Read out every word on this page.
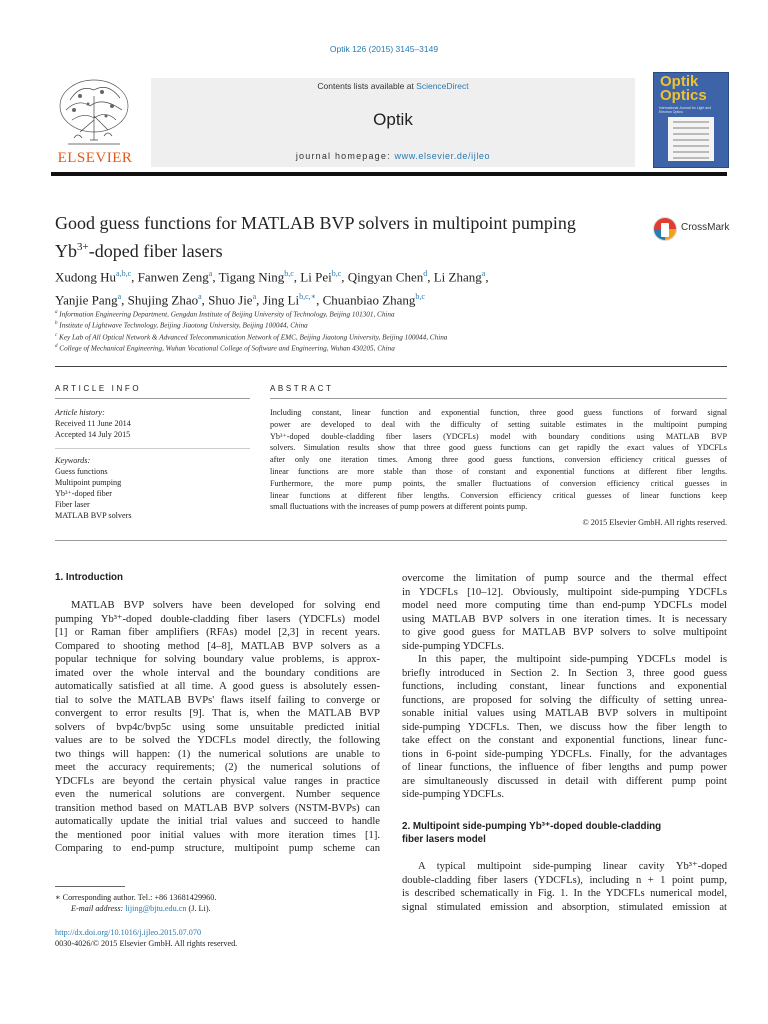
Optik 126 (2015) 3145–3149
ELSEVIER
Contents lists available at ScienceDirect
Optik
journal homepage: www.elsevier.de/ijleo
Optik
Optics
International Journal for Light and Electron Optics
Good guess functions for MATLAB BVP solvers in multipoint pumping
$Yb^{3+}$-doped fiber lasers
CrossMark
Xudong Hu$^{a,b,c}$, Fanwen Zeng$^a$, Tigang Ning$^{b,c}$, Li Pei$^{b,c}$, Qingyan Chen$^d$, Li Zhang$^a$,
Yanjie Pang$^a$, Shujing Zhao$^a$, Shuo Jie$^a$, Jing $Li^{b,c,∗}$, Chuanbiao Zhang$^{b,c}$
$^a$ Information Engineering Department, Gengdan Institute of Beijing University of Technology, Beijing 101301, China
$^b$ Institute of Lightwave Technology, Beijing Jiaotong University, Beijing 100044, China
$^c$ Key Lab of All Optical Network & Advanced Telecommunication Network of EMC, Beijing Jiaotong University, Beijing 100044, China
$^d$ College of Mechanical Engineering, Wuhan Vocational College of Software and Engineering, Wuhan 430205, China
ARTICLE INFO
Article history:
Received 11 June 2014
Accepted 14 July 2015
Keywords:
Guess functions
Multipoint pumping
Yb³⁺-doped fiber
Fiber laser
MATLAB BVP solvers
ABSTRACT
Including constant, linear function and exponential function, three good guess functions of forward signal
power are developed to deal with the difficulty of setting suitable estimates in the multipoint pumping
Yb³⁺-doped double-cladding fiber lasers (YDCFLs) model with boundary conditions using MATLAB BVP
solvers. Simulation results show that three good guess functions can get rapidly the exact values of YDCFLs
after only one iteration times. Among three good guess functions, conversion efficiency critical guesses of
linear functions are more stable than those of constant and exponential functions at different fiber lengths.
Furthermore, the more pump points, the smaller fluctuations of conversion efficiency critical guesses in
linear functions at different fiber lengths. Conversion efficiency critical guesses of linear functions keep
small fluctuations with the increases of pump powers at different points pump.
© 2015 Elsevier GmbH. All rights reserved.
1. Introduction
MATLAB BVP solvers have been developed for solving end
pumping Yb³⁺-doped double-cladding fiber lasers (YDCFLs) model
[1] or Raman fiber amplifiers (RFAs) model [2,3] in recent years.
Compared to shooting method [4–8], MATLAB BVP solvers as a
popular technique for solving boundary value problems, is approx-
imated over the whole interval and the boundary conditions are
automatically satisfied at all time. A good guess is absolutely essen-
tial to solve the MATLAB BVPs' flaws itself failing to converge or
convergent to error results [9]. That is, when the MATLAB BVP
solvers of bvp4c/bvp5c using some unsuitable predicted initial
values are to be solved the YDCFLs model directly, the following
two things will happen: (1) the numerical solutions are unable to
meet the accuracy requirements; (2) the numerical solutions of
YDCFLs are beyond the certain physical value ranges in practice
even the numerical solutions are convergent. Number sequence
transition method based on MATLAB BVP solvers (NSTM-BVPs) can
automatically update the initial trial values and succeed to handle
the mentioned poor initial values with more iteration times [1].
Comparing to end-pump structure, multipoint pump scheme can
∗ Corresponding author. Tel.: +86 13681429960.
E-mail address: lijing@bjtu.edu.cn (J. Li).
http://dx.doi.org/10.1016/j.ijleo.2015.07.070
0030-4026/© 2015 Elsevier GmbH. All rights reserved.
overcome the limitation of pump source and the thermal effect
in YDCFLs [10–12]. Obviously, multipoint side-pumping YDCFLs
model need more computing time than end-pump YDCFLs model
using MATLAB BVP solvers in one iteration times. It is necessary
to give good guess for MATLAB BVP solvers to solve multipoint
side-pumping YDCFLs.
In this paper, the multipoint side-pumping YDCFLs model is
briefly introduced in Section 2. In Section 3, three good guess
functions, including constant, linear functions and exponential
functions, are proposed for solving the difficulty of setting unrea-
sonable initial values using MATLAB BVP solvers in multipoint
side-pumping YDCFLs. Then, we discuss how the fiber length to
take effect on the constant and exponential functions, linear func-
tions in 6-point side-pumping YDCFLs. Finally, for the advantages
of linear functions, the influence of fiber lengths and pump power
are simultaneously discussed in detail with different pump point
side-pumping YDCFLs.
2. Multipoint side-pumping Yb³⁺-doped double-cladding
fiber lasers model
A typical multipoint side-pumping linear cavity Yb³⁺-doped
double-cladding fiber lasers (YDCFLs), including n + 1 point pump,
is described schematically in Fig. 1. In the YDCFLs numerical model,
signal stimulated emission and absorption, stimulated emission at
